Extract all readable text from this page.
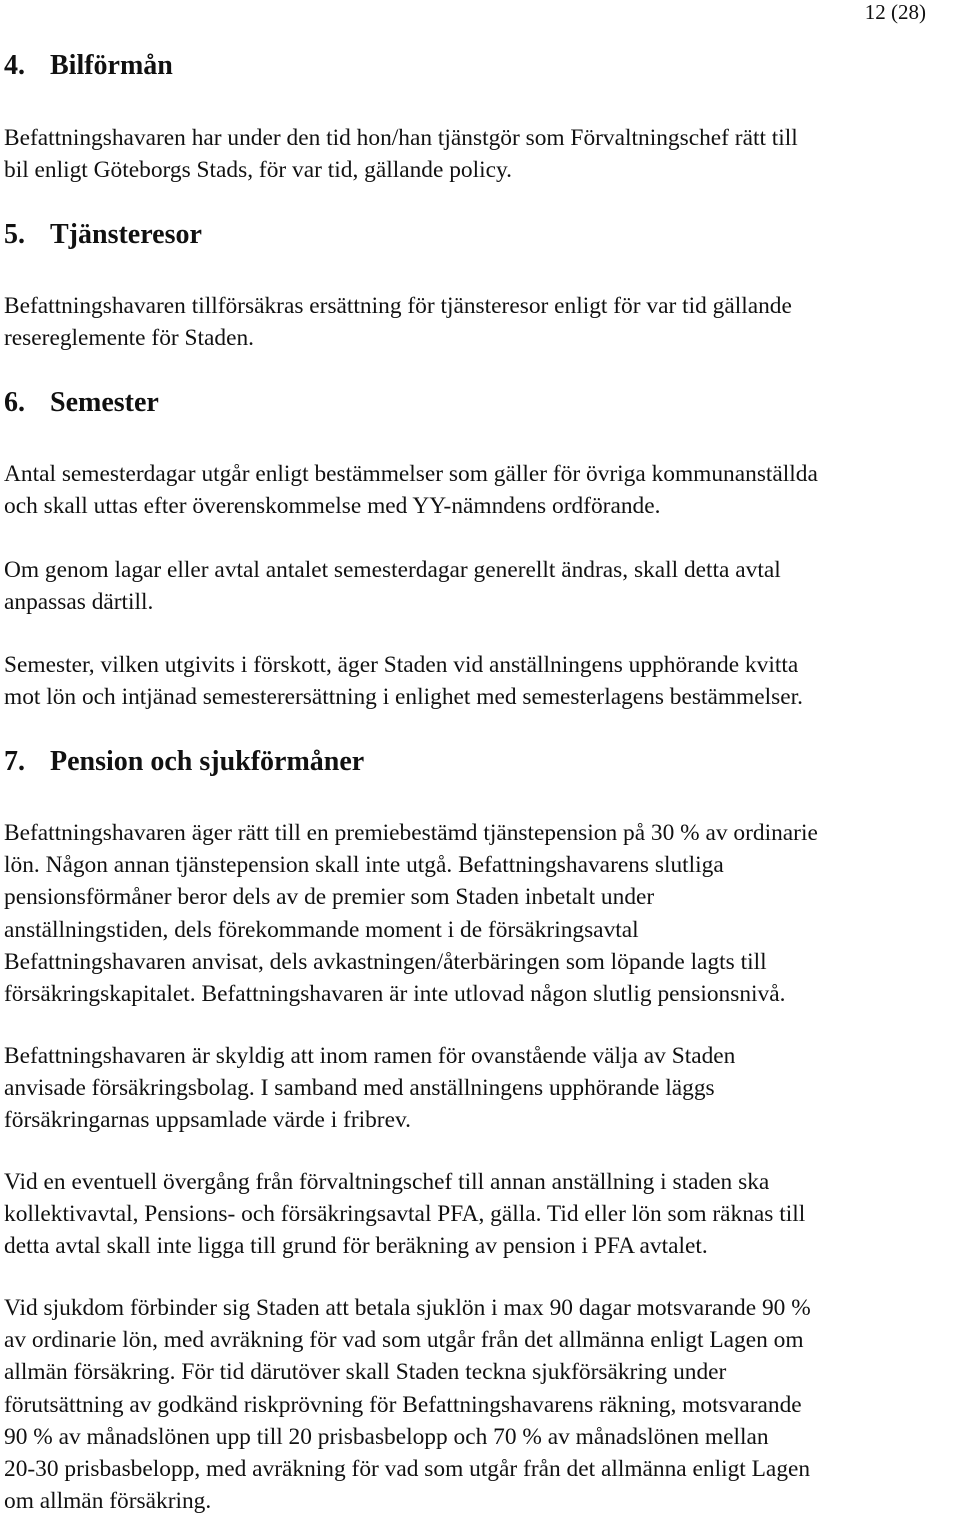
12 (28)

4. Bilförmån

Befattningshavaren har under den tid hon/han tjänstgör som Förvaltningschef rätt till
bil enligt Göteborgs Stads, för var tid, gällande policy.

5. Tjänsteresor

Befattningshavaren tillförsäkras ersättning för tjänsteresor enligt för var tid gällande
resereglemente för Staden.

6. Semester

Antal semesterdagar utgår enligt bestämmelser som gäller för övriga kommunanställda
och skall uttas efter överenskommelse med YY-nämndens ordförande.

Om genom lagar eller avtal antalet semesterdagar generellt ändras, skall detta avtal
anpassas därtill.

Semester, vilken utgivits i förskott, äger Staden vid anställningens upphörande kvitta
mot lön och intjänad semesterersättning i enlighet med semesterlagens bestämmelser.

7. Pension och sjukförmåner

Befattningshavaren äger rätt till en premiebestämd tjänstepension på 30 % av ordinarie
lön. Någon annan tjänstepension skall inte utgå. Befattningshavarens slutliga
pensionsförmåner beror dels av de premier som Staden inbetalt under
anställningstiden, dels förekommande moment i de försäkringsavtal
Befattningshavaren anvisat, dels avkastningen/återbäringen som löpande lagts till
försäkringskapitalet. Befattningshavaren är inte utlovad någon slutlig pensionsnivå.

Befattningshavaren är skyldig att inom ramen för ovanstående välja av Staden
anvisade försäkringsbolag. I samband med anställningens upphörande läggs
försäkringarnas uppsamlade värde i fribrev.

Vid en eventuell övergång från förvaltningschef till annan anställning i staden ska
kollektivavtal, Pensions- och försäkringsavtal PFA, gälla. Tid eller lön som räknas till
detta avtal skall inte ligga till grund för beräkning av pension i PFA avtalet.

Vid sjukdom förbinder sig Staden att betala sjuklön i max 90 dagar motsvarande 90 %
av ordinarie lön, med avräkning för vad som utgår från det allmänna enligt Lagen om
allmän försäkring. För tid därutöver skall Staden teckna sjukförsäkring under
förutsättning av godkänd riskprövning för Befattningshavarens räkning, motsvarande
90 % av månadslönen upp till 20 prisbasbelopp och 70 % av månadslönen mellan
20-30 prisbasbelopp, med avräkning för vad som utgår från det allmänna enligt Lagen
om allmän försäkring.
